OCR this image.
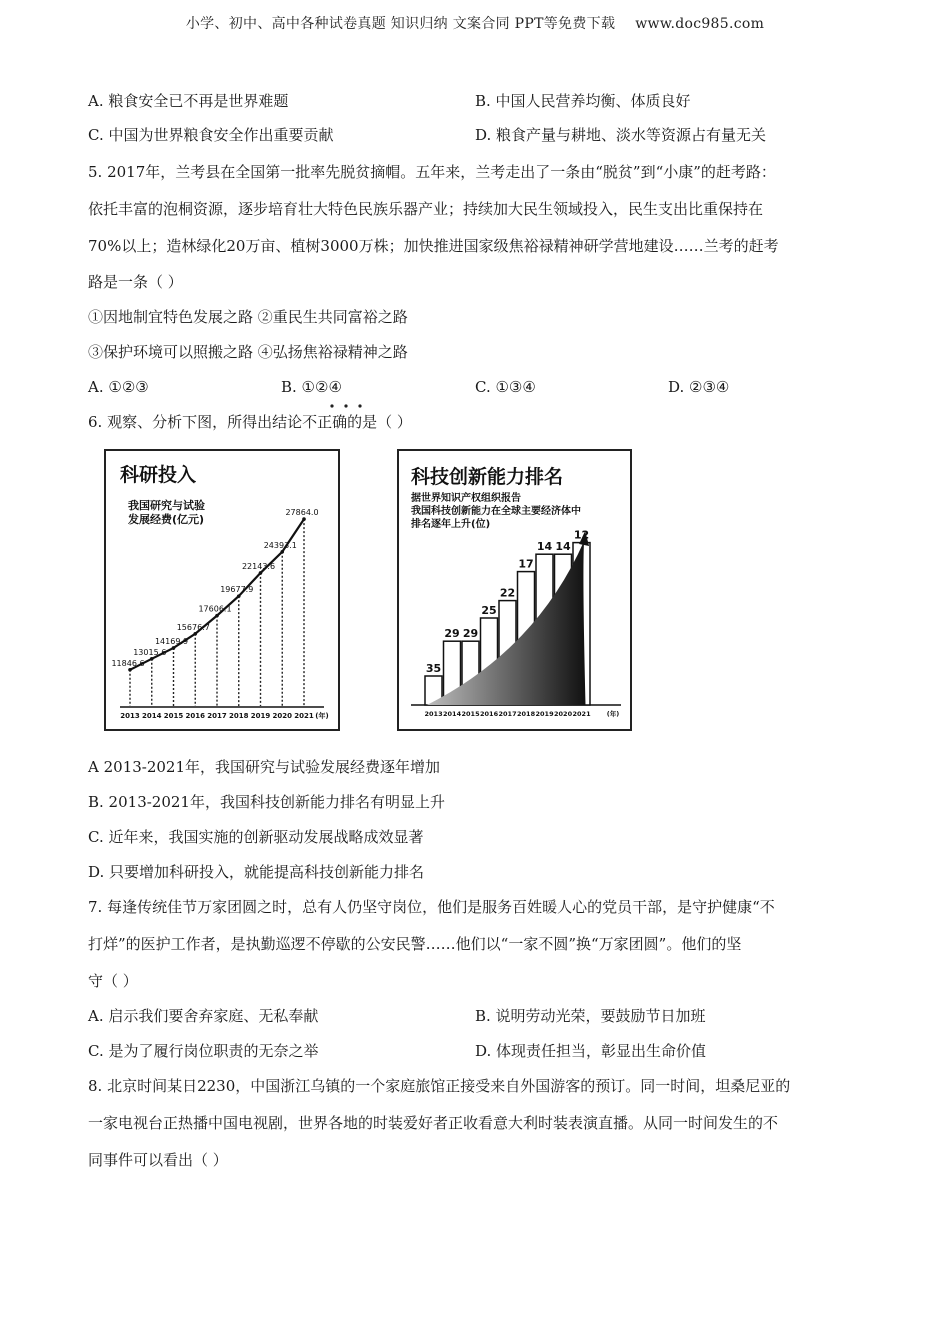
小学、初中、高中各种试卷真题 知识归纳 文案合同 PPT等免费下载 www.doc985.com
A. 粮食安全已不再是世界难题	B. 中国人民营养均衡、体质良好
C. 中国为世界粮食安全作出重要贡献	D. 粮食产量与耕地、淡水等资源占有量无关
5. 2017年，兰考县在全国第一批率先脱贫摘帽。五年来，兰考走出了一条由“脱贫”到“小康”的赶考路：
依托丰富的泡桐资源，逐步培育壮大特色民族乐器产业；持续加大民生领域投入，民生支出比重保持在
70%以上；造林绿化20万亩、植树3000万株；加快推进国家级焦裕禄精神研学营地建设……兰考的赶考
路是一条（ ）
①因地制宜特色发展之路 ②重民生共同富裕之路
③保护环境可以照搬之路 ④弘扬焦裕禄精神之路
A. ①②③	B. ①②④	C. ①③④	D. ②③④
6. 观察、分析下图，所得出结论不正确的是（ ）
科研投入
我国研究与试验
发展经费(亿元)
11846.6
2013
13015.6
2014
14169.9
2015
15676.7
2016
17606.1
2017
19677.9
2018
22143.6
2019
24393.1
2020
27864.0
2021 (年)
科技创新能力排名
据世界知识产权组织报告
我国科技创新能力在全球主要经济体中
排名逐年上升(位)
35
2013
29
2014
29
2015
25
2016
22
2017
17
2018
14
2019
14
2020
12
2021 (年)
A 2013-2021年，我国研究与试验发展经费逐年增加
B. 2013-2021年，我国科技创新能力排名有明显上升
C. 近年来，我国实施的创新驱动发展战略成效显著
D. 只要增加科研投入，就能提高科技创新能力排名
7. 每逢传统佳节万家团圆之时，总有人仍坚守岗位，他们是服务百姓暖人心的党员干部，是守护健康“不
打烊”的医护工作者，是执勤巡逻不停歇的公安民警……他们以“一家不圆”换“万家团圆”。他们的坚
守（ ）
A. 启示我们要舍弃家庭、无私奉献	B. 说明劳动光荣，要鼓励节日加班
C. 是为了履行岗位职责的无奈之举	D. 体现责任担当，彰显出生命价值
8. 北京时间某日2230，中国浙江乌镇的一个家庭旅馆正接受来自外国游客的预订。同一时间，坦桑尼亚的
一家电视台正热播中国电视剧，世界各地的时装爱好者正收看意大利时装表演直播。从同一时间发生的不
同事件可以看出（ ）
